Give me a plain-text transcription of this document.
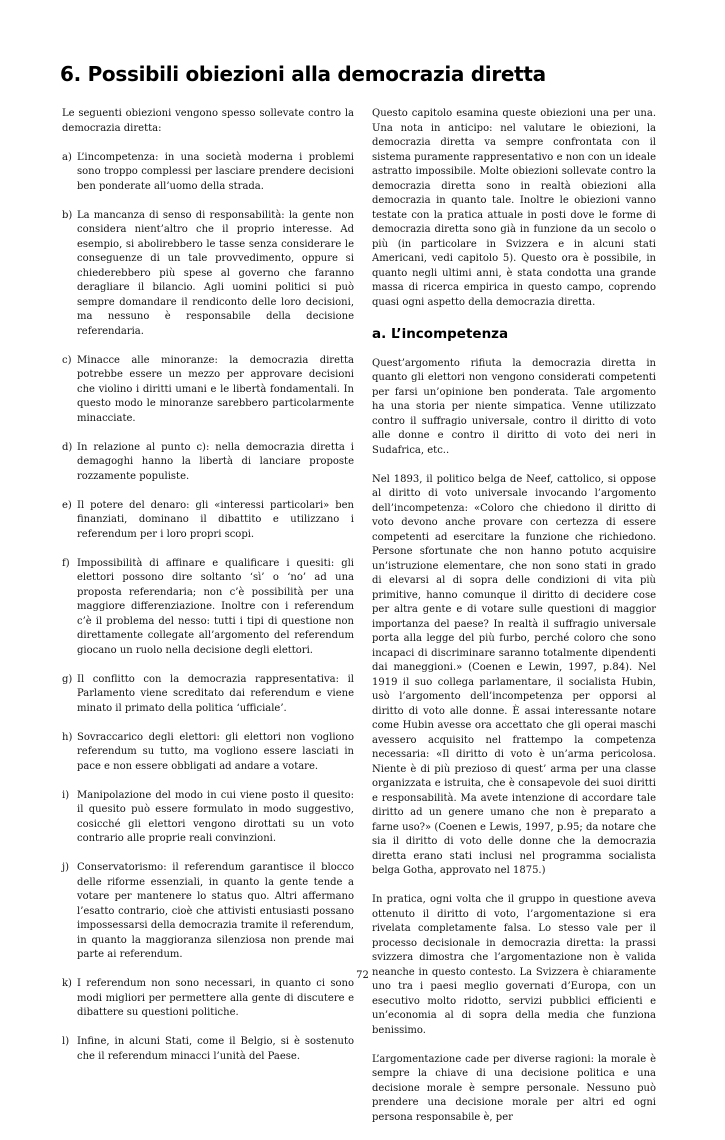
6. Possibili obiezioni alla democrazia diretta

Le seguenti obiezioni vengono spesso sollevate contro la democrazia diretta:

a) L’incompetenza: in una società moderna i problemi sono troppo complessi per lasciare prendere decisioni ben ponderate all’uomo della strada.
b) La mancanza di senso di responsabilità: la gente non considera nient’altro che il proprio interesse. Ad esempio, si abolirebbero le tasse senza considerare le conseguenze di un tale provvedimento, oppure si chiederebbero più spese al governo che faranno deragliare il bilancio. Agli uomini politici si può sempre domandare il rendiconto delle loro decisioni, ma nessuno è responsabile della decisione referendaria.
c) Minacce alle minoranze: la democrazia diretta potrebbe essere un mezzo per approvare decisioni che violino i diritti umani e le libertà fondamentali. In questo modo le minoranze sarebbero particolarmente minacciate.
d) In relazione al punto c): nella democrazia diretta i demagoghi hanno la libertà di lanciare proposte rozzamente populiste.
e) Il potere del denaro: gli «interessi particolari» ben finanziati, dominano il dibattito e utilizzano i referendum per i loro propri scopi.
f) Impossibilità di affinare e qualificare i quesiti: gli elettori possono dire soltanto ‘sì’ o ‘no’ ad una proposta referendaria; non c’è possibilità per una maggiore differenziazione. Inoltre con i referendum c’è il problema del nesso: tutti i tipi di questione non direttamente collegate all’argomento del referendum giocano un ruolo nella decisione degli elettori.
g) Il conflitto con la democrazia rappresentativa: il Parlamento viene screditato dai referendum e viene minato il primato della politica ‘ufficiale’.
h) Sovraccarico degli elettori: gli elettori non vogliono referendum su tutto, ma vogliono essere lasciati in pace e non essere obbligati ad andare a votare.
i) Manipolazione del modo in cui viene posto il quesito: il quesito può essere formulato in modo suggestivo, cosicché gli elettori vengono dirottati su un voto contrario alle proprie reali convinzioni.
j) Conservatorismo: il referendum garantisce il blocco delle riforme essenziali, in quanto la gente tende a votare per mantenere lo status quo. Altri affermano l’esatto contrario, cioè che attivisti entusiasti possano impossessarsi della democrazia tramite il referendum, in quanto la maggioranza silenziosa non prende mai parte ai referendum.
k) I referendum non sono necessari, in quanto ci sono modi migliori per permettere alla gente di discutere e dibattere su questioni politiche.
l) Infine, in alcuni Stati, come il Belgio, si è sostenuto che il referendum minacci l’unità del Paese.

Questo capitolo esamina queste obiezioni una per una. Una nota in anticipo: nel valutare le obiezioni, la democrazia diretta va sempre confrontata con il sistema puramente rappresentativo e non con un ideale astratto impossibile. Molte obiezioni sollevate contro la democrazia diretta sono in realtà obiezioni alla democrazia in quanto tale. Inoltre le obiezioni vanno testate con la pratica attuale in posti dove le forme di democrazia diretta sono già in funzione da un secolo o più (in particolare in Svizzera e in alcuni stati Americani, vedi capitolo 5). Questo ora è possibile, in quanto negli ultimi anni, è stata condotta una grande massa di ricerca empirica in questo campo, coprendo quasi ogni aspetto della democrazia diretta.

a. L’incompetenza

Quest’argomento rifiuta la democrazia diretta in quanto gli elettori non vengono considerati competenti per farsi un’opinione ben ponderata. Tale argomento ha una storia per niente simpatica. Venne utilizzato contro il suffragio universale, contro il diritto di voto alle donne e contro il diritto di voto dei neri in Sudafrica, etc..

Nel 1893, il politico belga de Neef, cattolico, si oppose al diritto di voto universale invocando l’argomento dell’incompetenza: «Coloro che chiedono il diritto di voto devono anche provare con certezza di essere competenti ad esercitare la funzione che richiedono. Persone sfortunate che non hanno potuto acquisire un’istruzione elementare, che non sono stati in grado di elevarsi al di sopra delle condizioni di vita più primitive, hanno comunque il diritto di decidere cose per altra gente e di votare sulle questioni di maggior importanza del paese? In realtà il suffragio universale porta alla legge del più furbo, perché coloro che sono incapaci di discriminare saranno totalmente dipendenti dai maneggioni.» (Coenen e Lewin, 1997, p.84). Nel 1919 il suo collega parlamentare, il socialista Hubin, usò l’argomento dell’incompetenza per opporsi al diritto di voto alle donne. È assai interessante notare come Hubin avesse ora accettato che gli operai maschi avessero acquisito nel frattempo la competenza necessaria: «Il diritto di voto è un’arma pericolosa. Niente è di più prezioso di quest’ arma per una classe organizzata e istruita, che è consapevole dei suoi diritti e responsabilità. Ma avete intenzione di accordare tale diritto ad un genere umano che non è preparato a farne uso?» (Coenen e Lewis, 1997, p.95; da notare che sia il diritto di voto delle donne che la democrazia diretta erano stati inclusi nel programma socialista belga Gotha, approvato nel 1875.)

In pratica, ogni volta che il gruppo in questione aveva ottenuto il diritto di voto, l’argomentazione si era rivelata completamente falsa. Lo stesso vale per il processo decisionale in democrazia diretta: la prassi svizzera dimostra che l’argomentazione non è valida neanche in questo contesto. La Svizzera è chiaramente uno tra i paesi meglio governati d’Europa, con un esecutivo molto ridotto, servizi pubblici efficienti e un’economia al di sopra della media che funziona benissimo.

L’argomentazione cade per diverse ragioni: la morale è sempre la chiave di una decisione politica e una decisione morale è sempre personale. Nessuno può prendere una decisione morale per altri ed ogni persona responsabile è, per

72
